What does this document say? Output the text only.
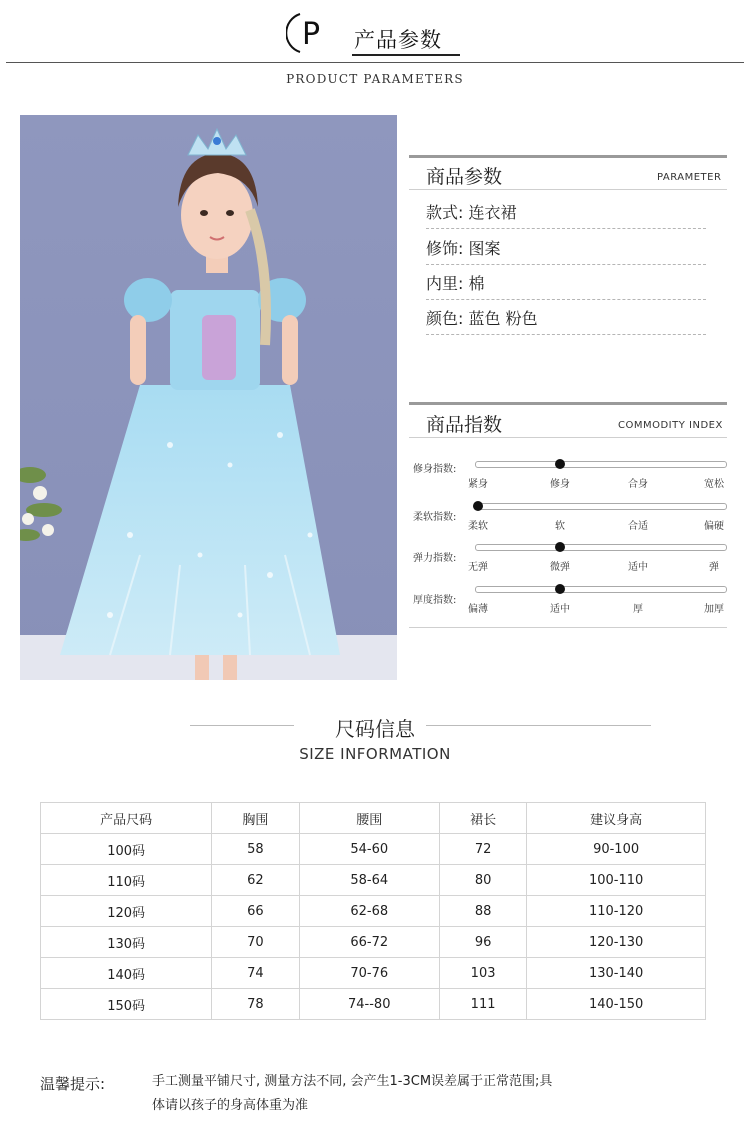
P 产品参数
PRODUCT PARAMETERS
商品参数	PARAMETER
款式: 连衣裙
修饰: 图案
内里: 棉
颜色: 蓝色 粉色
商品指数	COMMODITY INDEX
修身指数:
紧身	修身	合身	宽松
柔软指数:
柔软	软	合适	偏硬
弹力指数:
无弹	微弹	适中	弹
厚度指数:
偏薄	适中	厚	加厚
尺码信息
SIZE INFORMATION
产品尺码	胸围	腰围	裙长	建议身高
100码	58	54-60	72	90-100
110码	62	58-64	80	100-110
120码	66	62-68	88	110-120
130码	70	66-72	96	120-130
140码	74	70-76	103	130-140
150码	78	74--80	111	140-150
温馨提示:	手工测量平铺尺寸, 测量方法不同, 会产生1-3CM误差属于正常范围;具
体请以孩子的身高体重为准
